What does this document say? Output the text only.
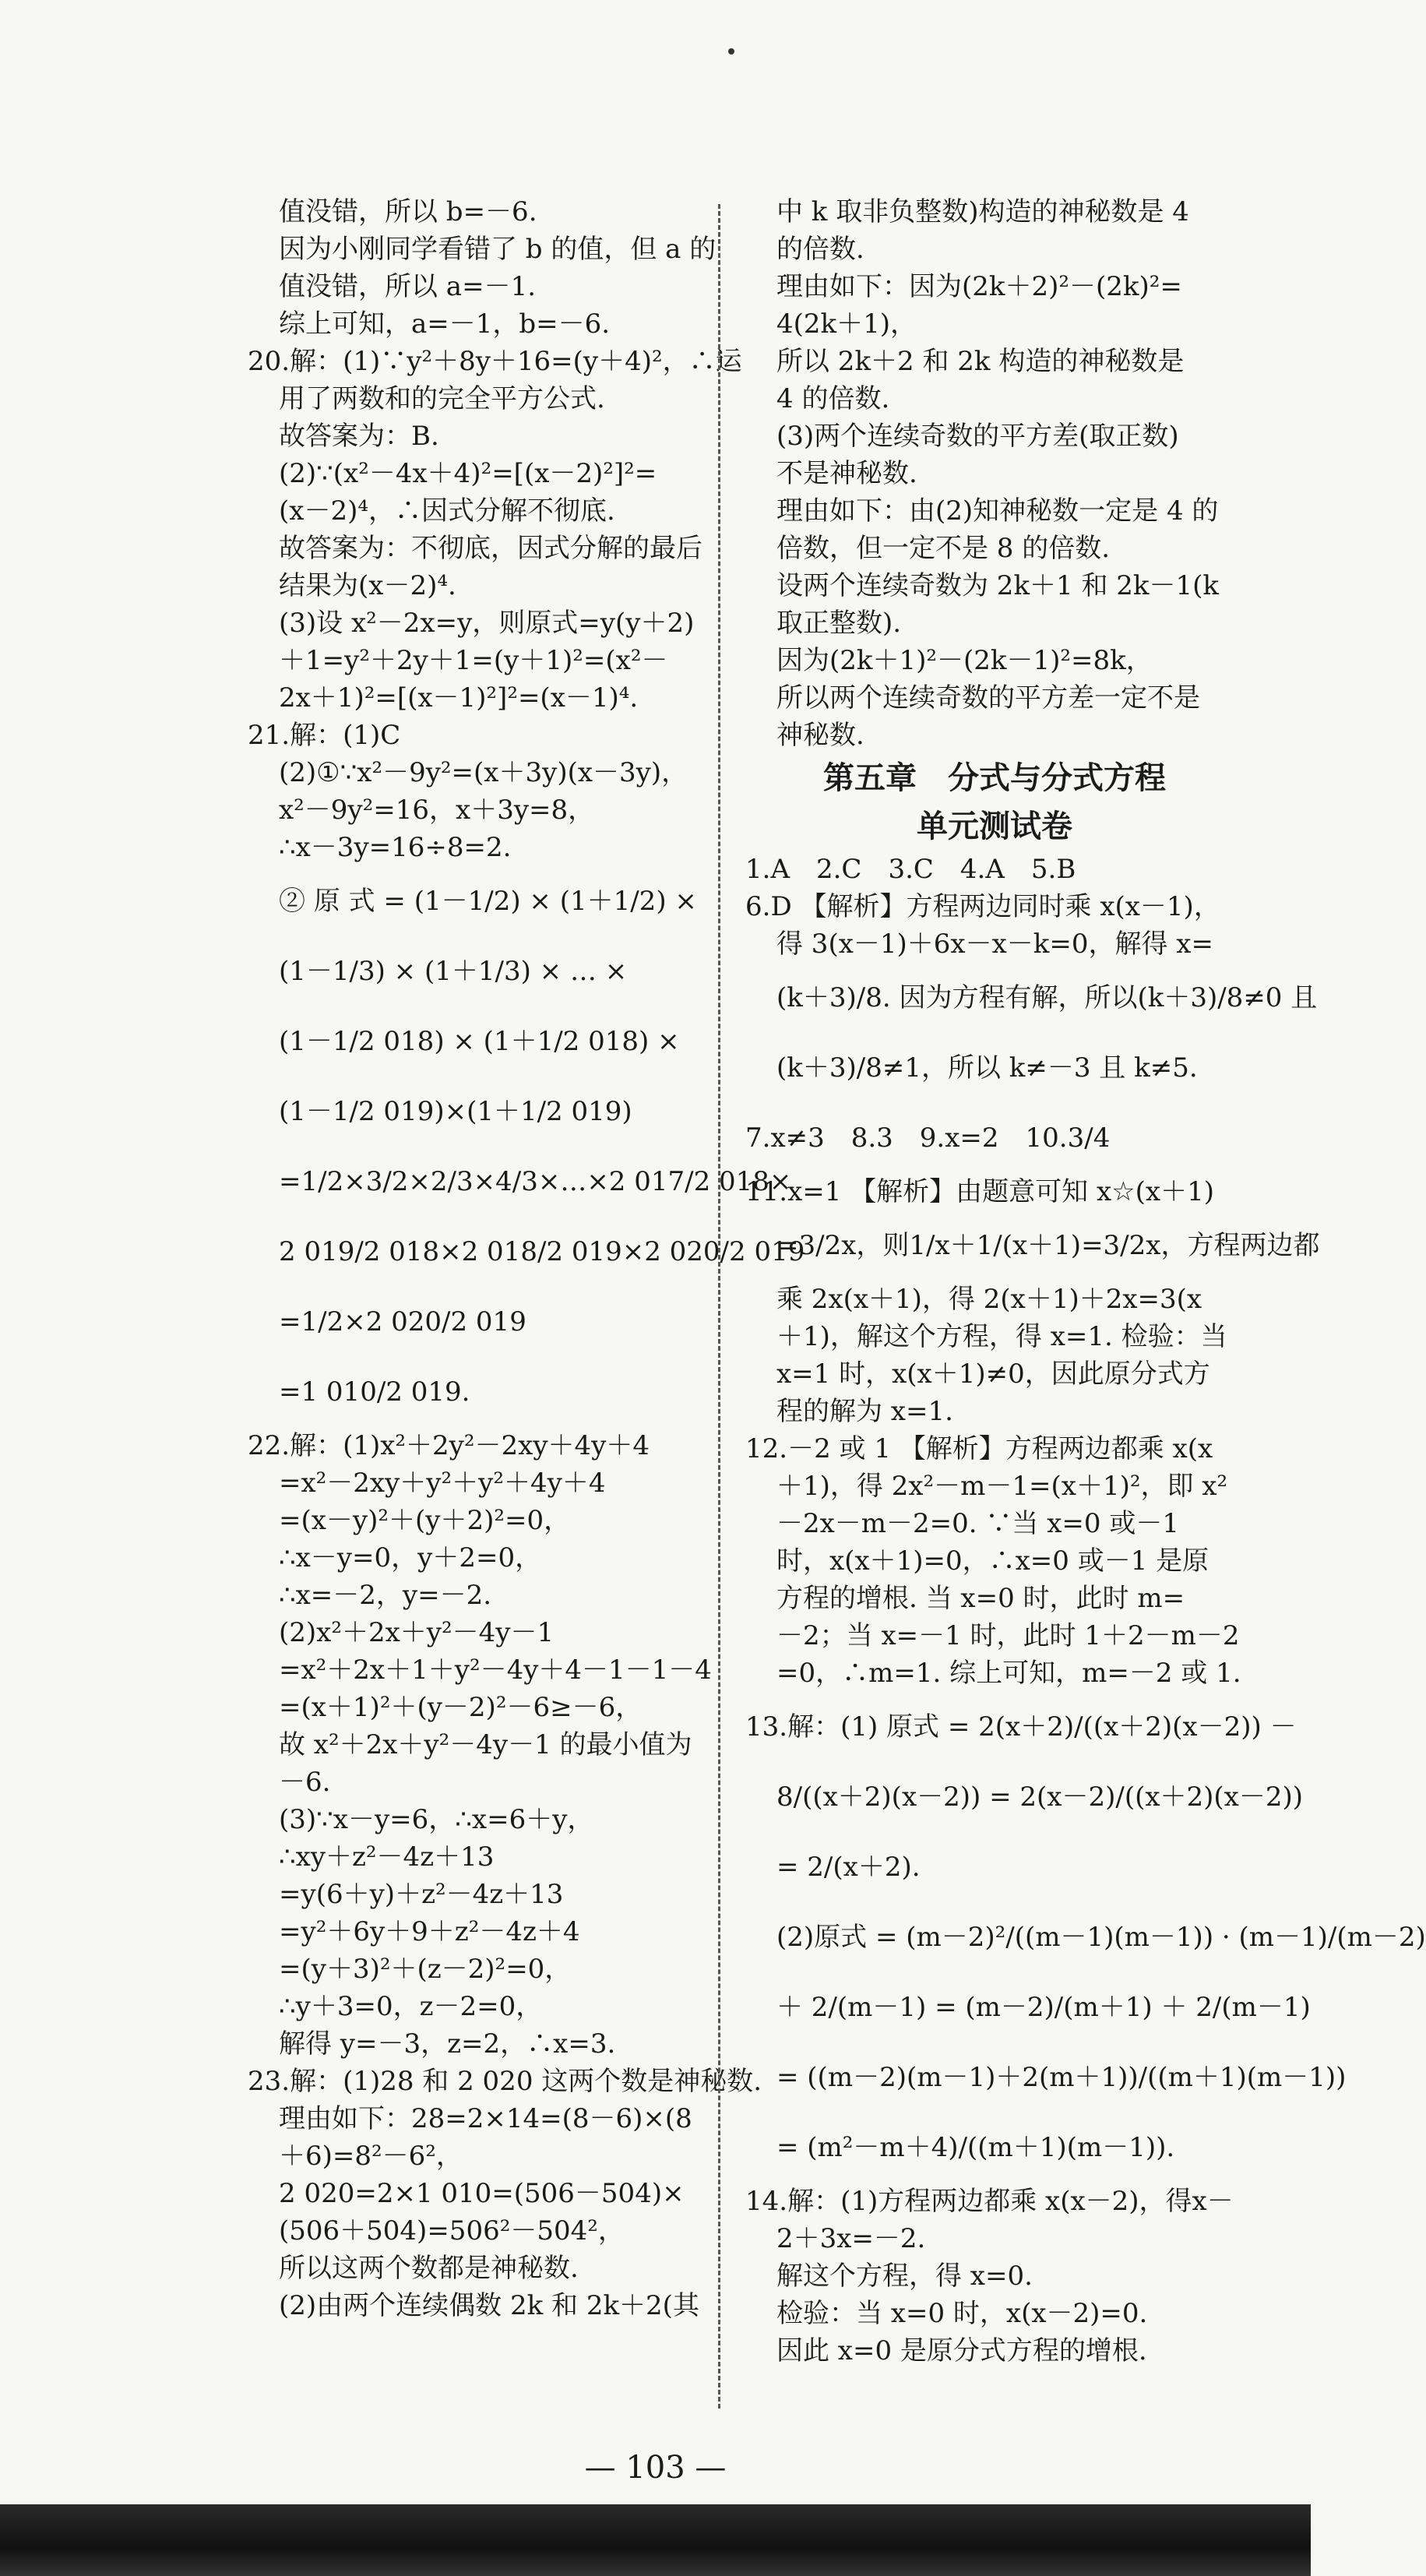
值没错，所以 b=－6.
因为小刚同学看错了 b 的值，但 a 的
值没错，所以 a=－1.
综上可知，a=－1，b=－6.
20.解：(1)∵y²＋8y＋16=(y＋4)²，∴运
用了两数和的完全平方公式.
故答案为：B.
(2)∵(x²－4x＋4)²=[(x－2)²]²=
(x－2)⁴，∴因式分解不彻底.
故答案为：不彻底，因式分解的最后
结果为(x－2)⁴.
(3)设 x²－2x=y，则原式=y(y＋2)
＋1=y²＋2y＋1=(y＋1)²=(x²－
2x＋1)²=[(x－1)²]²=(x－1)⁴.
21.解：(1)C
(2)①∵x²－9y²=(x＋3y)(x－3y)，
x²－9y²=16，x＋3y=8，
∴x－3y=16÷8=2.
② 原 式 = (1－1/2) × (1＋1/2) ×
(1－1/3) × (1＋1/3) × … ×
(1－1/2 018) × (1＋1/2 018) ×
(1－1/2 019)×(1＋1/2 019)
=1/2×3/2×2/3×4/3×…×2 017/2 018×
2 019/2 018×2 018/2 019×2 020/2 019
=1/2×2 020/2 019
=1 010/2 019.
22.解：(1)x²＋2y²－2xy＋4y＋4
=x²－2xy＋y²＋y²＋4y＋4
=(x－y)²＋(y＋2)²=0，
∴x－y=0，y＋2=0，
∴x=－2，y=－2.
(2)x²＋2x＋y²－4y－1
=x²＋2x＋1＋y²－4y＋4－1－1－4
=(x＋1)²＋(y－2)²－6≥－6，
故 x²＋2x＋y²－4y－1 的最小值为
－6.
(3)∵x－y=6，∴x=6＋y，
∴xy＋z²－4z＋13
=y(6＋y)＋z²－4z＋13
=y²＋6y＋9＋z²－4z＋4
=(y＋3)²＋(z－2)²=0，
∴y＋3=0，z－2=0，
解得 y=－3，z=2，∴x=3.
23.解：(1)28 和 2 020 这两个数是神秘数.
理由如下：28=2×14=(8－6)×(8
＋6)=8²－6²，
2 020=2×1 010=(506－504)×
(506＋504)=506²－504²，
所以这两个数都是神秘数.
(2)由两个连续偶数 2k 和 2k＋2(其
中 k 取非负整数)构造的神秘数是 4
的倍数.
理由如下：因为(2k＋2)²－(2k)²=
4(2k＋1)，
所以 2k＋2 和 2k 构造的神秘数是
4 的倍数.
(3)两个连续奇数的平方差(取正数)
不是神秘数.
理由如下：由(2)知神秘数一定是 4 的
倍数，但一定不是 8 的倍数.
设两个连续奇数为 2k＋1 和 2k－1(k
取正整数).
因为(2k＋1)²－(2k－1)²=8k，
所以两个连续奇数的平方差一定不是
神秘数.
第五章　分式与分式方程
单元测试卷
1.A　2.C　3.C　4.A　5.B
6.D 【解析】方程两边同时乘 x(x－1)，
得 3(x－1)＋6x－x－k=0，解得 x=
(k＋3)/8. 因为方程有解，所以(k＋3)/8≠0 且
(k＋3)/8≠1，所以 k≠－3 且 k≠5.
7.x≠3　8.3　9.x=2　10.3/4
11.x=1 【解析】由题意可知 x☆(x＋1)
=3/2x，则1/x＋1/(x＋1)=3/2x，方程两边都
乘 2x(x＋1)，得 2(x＋1)＋2x=3(x
＋1)，解这个方程，得 x=1. 检验：当
x=1 时，x(x＋1)≠0，因此原分式方
程的解为 x=1.
12.－2 或 1 【解析】方程两边都乘 x(x
＋1)，得 2x²－m－1=(x＋1)²，即 x²
－2x－m－2=0. ∵当 x=0 或－1
时，x(x＋1)=0，∴x=0 或－1 是原
方程的增根. 当 x=0 时，此时 m=
－2；当 x=－1 时，此时 1＋2－m－2
=0，∴m=1. 综上可知，m=－2 或 1.
13.解：(1) 原式 = 2(x＋2)/((x＋2)(x－2)) －
8/((x＋2)(x－2)) = 2(x－2)/((x＋2)(x－2))
= 2/(x＋2).
(2)原式 = (m－2)²/((m－1)(m－1)) · (m－1)/(m－2)
＋ 2/(m－1) = (m－2)/(m＋1) ＋ 2/(m－1)
= ((m－2)(m－1)＋2(m＋1))/((m＋1)(m－1))
= (m²－m＋4)/((m＋1)(m－1)).
14.解：(1)方程两边都乘 x(x－2)，得x－
2＋3x=－2.
解这个方程，得 x=0.
检验：当 x=0 时，x(x－2)=0.
因此 x=0 是原分式方程的增根.
— 103 —
